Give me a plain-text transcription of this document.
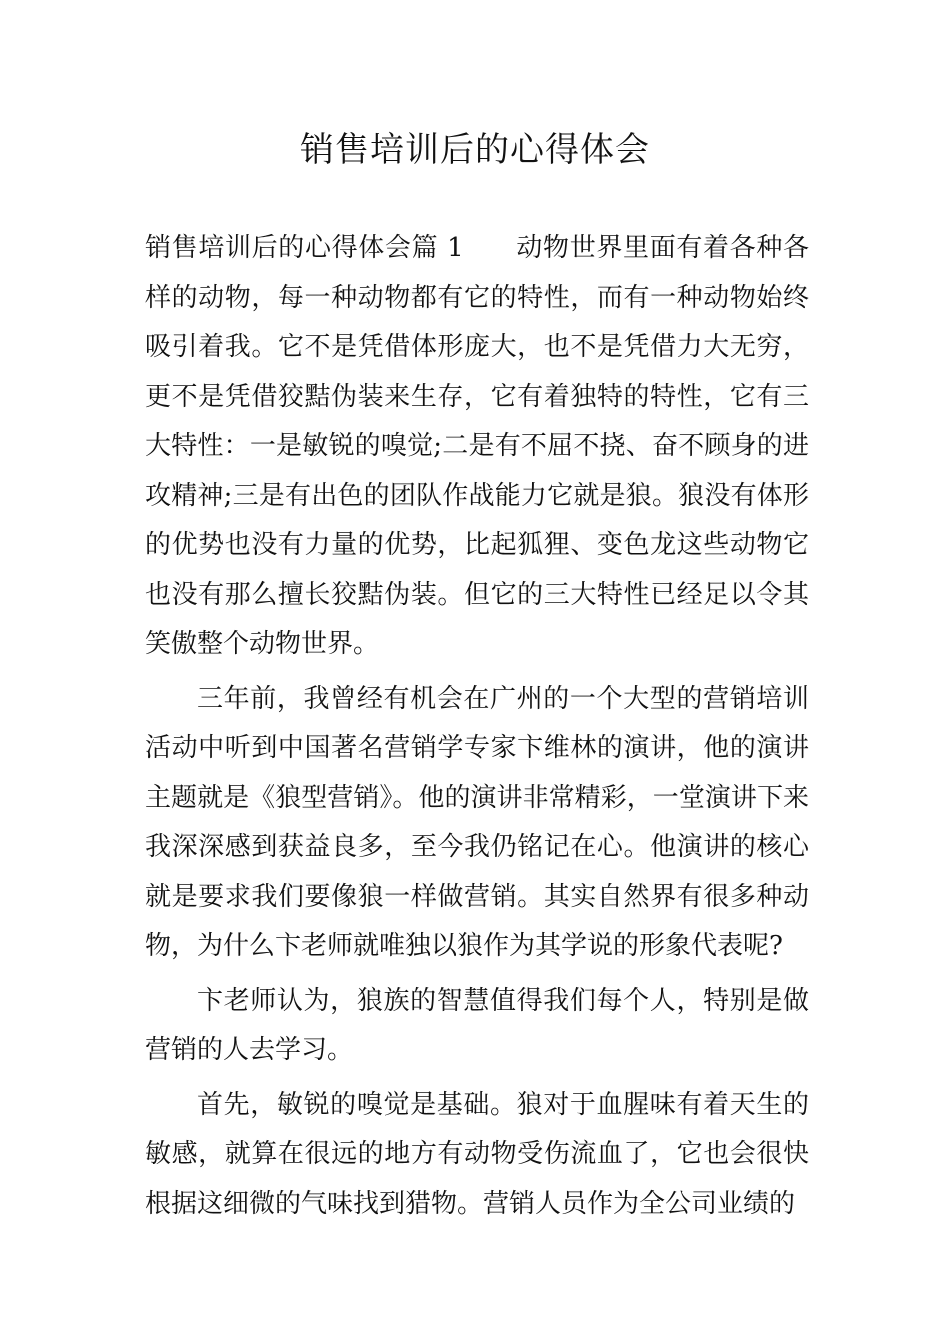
销售培训后的心得体会

销售培训后的心得体会篇 1 动物世界里面有着各种各样的动物，每一种动物都有它的特性，而有一种动物始终吸引着我。它不是凭借体形庞大，也不是凭借力大无穷，更不是凭借狡黠伪装来生存，它有着独特的特性，它有三大特性：一是敏锐的嗅觉;二是有不屈不挠、奋不顾身的进攻精神;三是有出色的团队作战能力它就是狼。狼没有体形的优势也没有力量的优势，比起狐狸、变色龙这些动物它也没有那么擅长狡黠伪装。但它的三大特性已经足以令其笑傲整个动物世界。

三年前，我曾经有机会在广州的一个大型的营销培训活动中听到中国著名营销学专家卞维林的演讲，他的演讲主题就是《狼型营销》。他的演讲非常精彩，一堂演讲下来我深深感到获益良多，至今我仍铭记在心。他演讲的核心就是要求我们要像狼一样做营销。其实自然界有很多种动物，为什么卞老师就唯独以狼作为其学说的形象代表呢?

卞老师认为，狼族的智慧值得我们每个人，特别是做营销的人去学习。

首先，敏锐的嗅觉是基础。狼对于血腥味有着天生的敏感，就算在很远的地方有动物受伤流血了，它也会很快根据这细微的气味找到猎物。营销人员作为全公司业绩的
